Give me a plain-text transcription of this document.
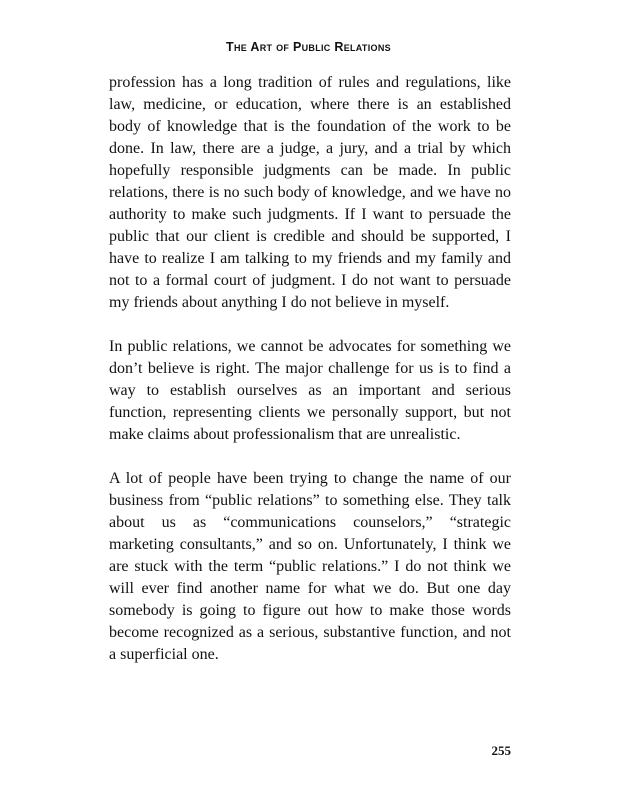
The Art of Public Relations

profession has a long tradition of rules and regulations, like law, medicine, or education, where there is an established body of knowledge that is the foundation of the work to be done. In law, there are a judge, a jury, and a trial by which hopefully responsible judgments can be made. In public relations, there is no such body of knowledge, and we have no authority to make such judgments. If I want to persuade the public that our client is credible and should be supported, I have to realize I am talking to my friends and my family and not to a formal court of judgment. I do not want to persuade my friends about anything I do not believe in myself.

In public relations, we cannot be advocates for something we don’t believe is right. The major challenge for us is to find a way to establish ourselves as an important and serious function, representing clients we personally support, but not make claims about professionalism that are unrealistic.

A lot of people have been trying to change the name of our business from “public relations” to something else. They talk about us as “communications counselors,” “strategic marketing consultants,” and so on. Unfortunately, I think we are stuck with the term “public relations.” I do not think we will ever find another name for what we do. But one day somebody is going to figure out how to make those words become recognized as a serious, substantive function, and not a superficial one.

255
